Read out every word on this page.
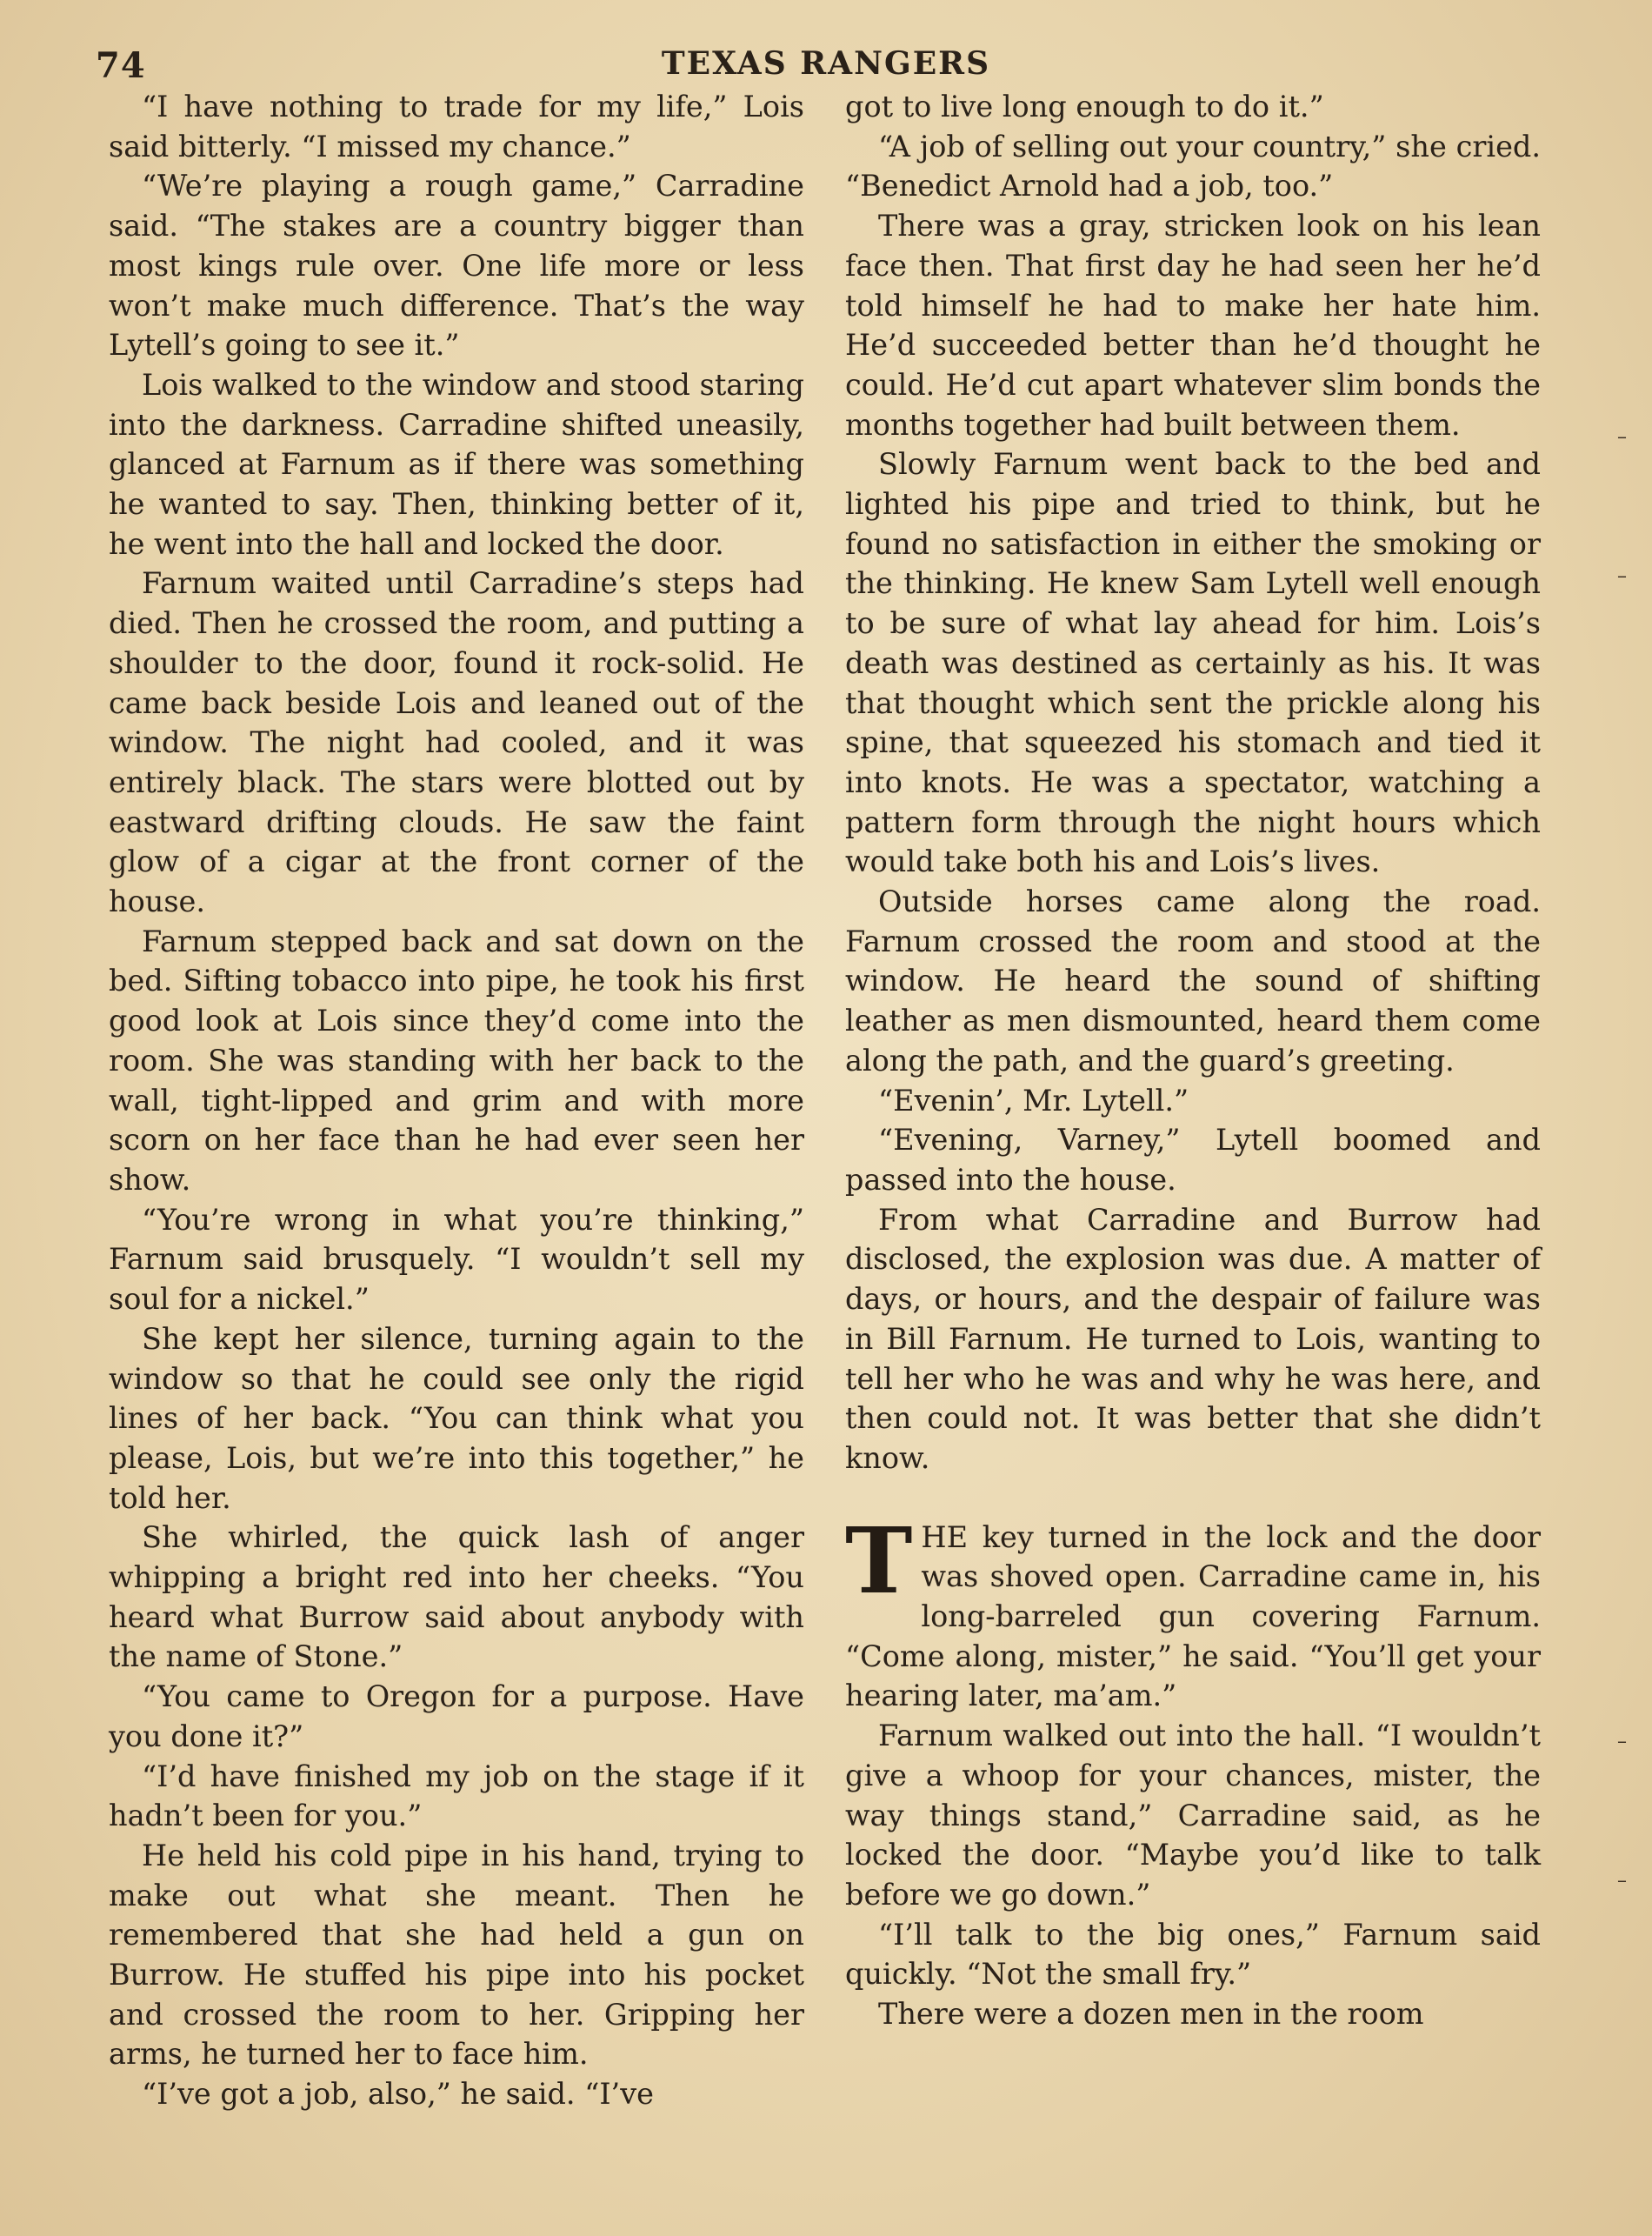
74	TEXAS RANGERS

“I have nothing to trade for my life,” Lois said bitterly. “I missed my chance.”

“We’re playing a rough game,” Carradine said. “The stakes are a country bigger than most kings rule over. One life more or less won’t make much difference. That’s the way Lytell’s going to see it.”

Lois walked to the window and stood staring into the darkness. Carradine shifted uneasily, glanced at Farnum as if there was something he wanted to say. Then, thinking better of it, he went into the hall and locked the door.

Farnum waited until Carradine’s steps had died. Then he crossed the room, and putting a shoulder to the door, found it rock-solid. He came back beside Lois and leaned out of the window. The night had cooled, and it was entirely black. The stars were blotted out by eastward drifting clouds. He saw the faint glow of a cigar at the front corner of the house.

Farnum stepped back and sat down on the bed. Sifting tobacco into pipe, he took his first good look at Lois since they’d come into the room. She was standing with her back to the wall, tight-lipped and grim and with more scorn on her face than he had ever seen her show.

“You’re wrong in what you’re thinking,” Farnum said brusquely. “I wouldn’t sell my soul for a nickel.”

She kept her silence, turning again to the window so that he could see only the rigid lines of her back. “You can think what you please, Lois, but we’re into this together,” he told her.

She whirled, the quick lash of anger whipping a bright red into her cheeks. “You heard what Burrow said about anybody with the name of Stone.”

“You came to Oregon for a purpose. Have you done it?”

“I’d have finished my job on the stage if it hadn’t been for you.”

He held his cold pipe in his hand, trying to make out what she meant. Then he remembered that she had held a gun on Burrow. He stuffed his pipe into his pocket and crossed the room to her. Gripping her arms, he turned her to face him.

“I’ve got a job, also,” he said. “I’ve

got to live long enough to do it.”

“A job of selling out your country,” she cried. “Benedict Arnold had a job, too.”

There was a gray, stricken look on his lean face then. That first day he had seen her he’d told himself he had to make her hate him. He’d succeeded better than he’d thought he could. He’d cut apart whatever slim bonds the months together had built between them.

Slowly Farnum went back to the bed and lighted his pipe and tried to think, but he found no satisfaction in either the smoking or the thinking. He knew Sam Lytell well enough to be sure of what lay ahead for him. Lois’s death was destined as certainly as his. It was that thought which sent the prickle along his spine, that squeezed his stomach and tied it into knots. He was a spectator, watching a pattern form through the night hours which would take both his and Lois’s lives.

Outside horses came along the road. Farnum crossed the room and stood at the window. He heard the sound of shifting leather as men dismounted, heard them come along the path, and the guard’s greeting.

“Evenin’, Mr. Lytell.”

“Evening, Varney,” Lytell boomed and passed into the house.

From what Carradine and Burrow had disclosed, the explosion was due. A matter of days, or hours, and the despair of failure was in Bill Farnum. He turned to Lois, wanting to tell her who he was and why he was here, and then could not. It was better that she didn’t know.

THE key turned in the lock and the door was shoved open. Carradine came in, his long-barreled gun covering Farnum. “Come along, mister,” he said. “You’ll get your hearing later, ma’am.”

Farnum walked out into the hall. “I wouldn’t give a whoop for your chances, mister, the way things stand,” Carradine said, as he locked the door. “Maybe you’d like to talk before we go down.”

“I’ll talk to the big ones,” Farnum said quickly. “Not the small fry.”

There were a dozen men in the room

–
–
–
–
